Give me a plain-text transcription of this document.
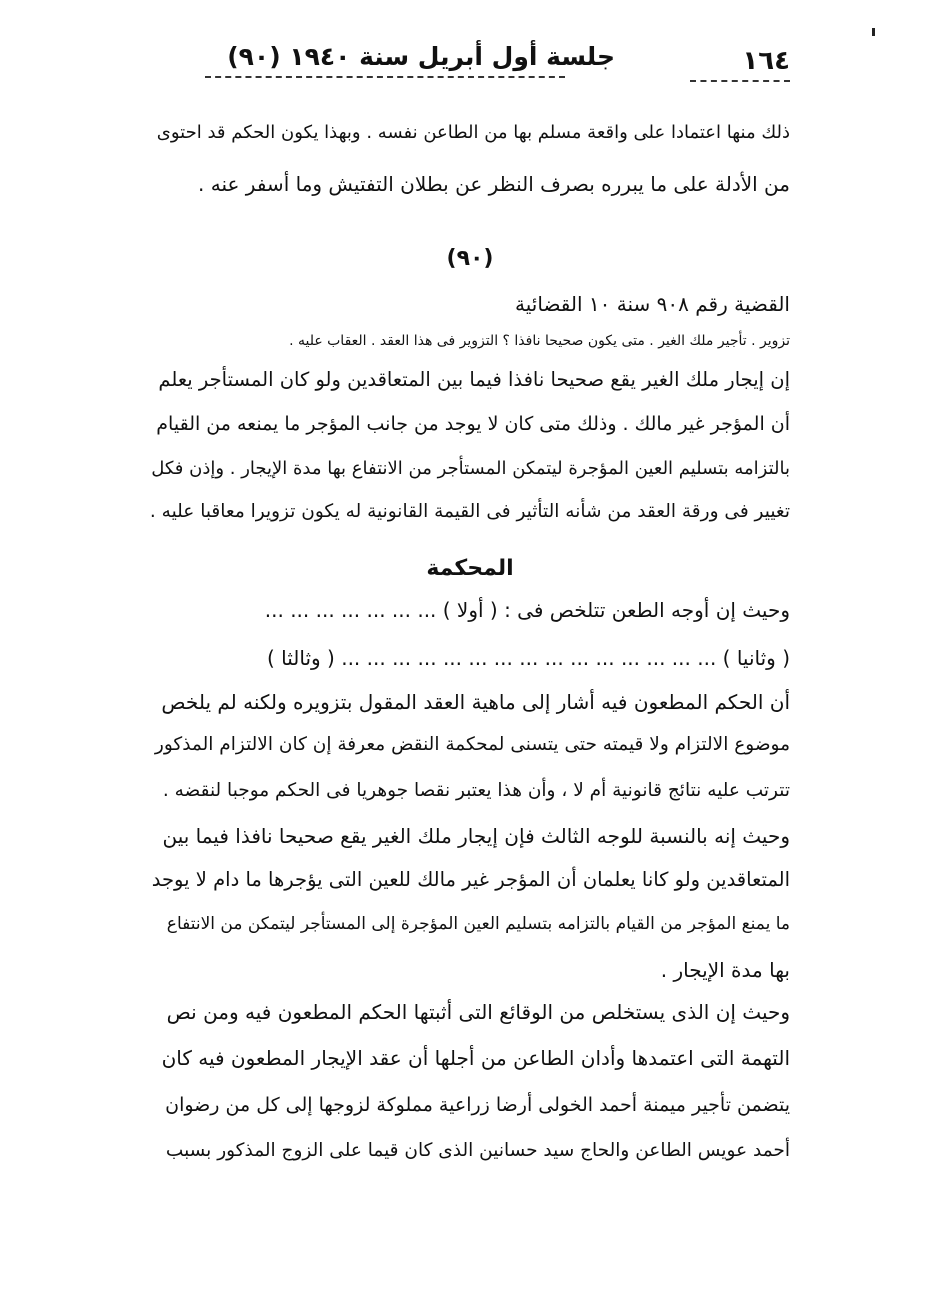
١٦٤
جلسة أول أبريل سنة ١٩٤٠ (٩٠)
ذلك منها اعتمادا على واقعة مسلم بها من الطاعن نفسه . وبهذا يكون الحكم قد احتوى
من الأدلة على ما يبرره بصرف النظر عن بطلان التفتيش وما أسفر عنه .
(٩٠)
القضية رقم ٩٠٨ سنة ١٠ القضائية
تزوير . تأجير ملك الغير . متى يكون صحيحا نافذا ؟ التزوير فى هذا العقد . العقاب عليه .
إن إيجار ملك الغير يقع صحيحا نافذا فيما بين المتعاقدين ولو كان المستأجر يعلم
أن المؤجر غير مالك . وذلك متى كان لا يوجد من جانب المؤجر ما يمنعه من القيام
بالتزامه بتسليم العين المؤجرة ليتمكن المستأجر من الانتفاع بها مدة الإيجار . وإذن فكل
تغيير فى ورقة العقد من شأنه التأثير فى القيمة القانونية له يكون تزويرا معاقبا عليه .
المحكمة
وحيث إن أوجه الطعن تتلخص فى : ( أولا ) ... ... ... ... ... ... ...
( وثانيا ) ... ... ... ... ... ... ... ... ... ... ... ... ... ... ... ( وثالثا )
أن الحكم المطعون فيه أشار إلى ماهية العقد المقول بتزويره ولكنه لم يلخص
موضوع الالتزام ولا قيمته حتى يتسنى لمحكمة النقض معرفة إن كان الالتزام المذكور
تترتب عليه نتائج قانونية أم لا ، وأن هذا يعتبر نقصا جوهريا فى الحكم موجبا لنقضه .
وحيث إنه بالنسبة للوجه الثالث فإن إيجار ملك الغير يقع صحيحا نافذا فيما بين
المتعاقدين ولو كانا يعلمان أن المؤجر غير مالك للعين التى يؤجرها ما دام لا يوجد
ما يمنع المؤجر من القيام بالتزامه بتسليم العين المؤجرة إلى المستأجر ليتمكن من الانتفاع
بها مدة الإيجار .
وحيث إن الذى يستخلص من الوقائع التى أثبتها الحكم المطعون فيه ومن نص
التهمة التى اعتمدها وأدان الطاعن من أجلها أن عقد الإيجار المطعون فيه كان
يتضمن تأجير ميمنة أحمد الخولى أرضا زراعية مملوكة لزوجها إلى كل من رضوان
أحمد عويس الطاعن والحاج سيد حسانين الذى كان قيما على الزوج المذكور بسبب
